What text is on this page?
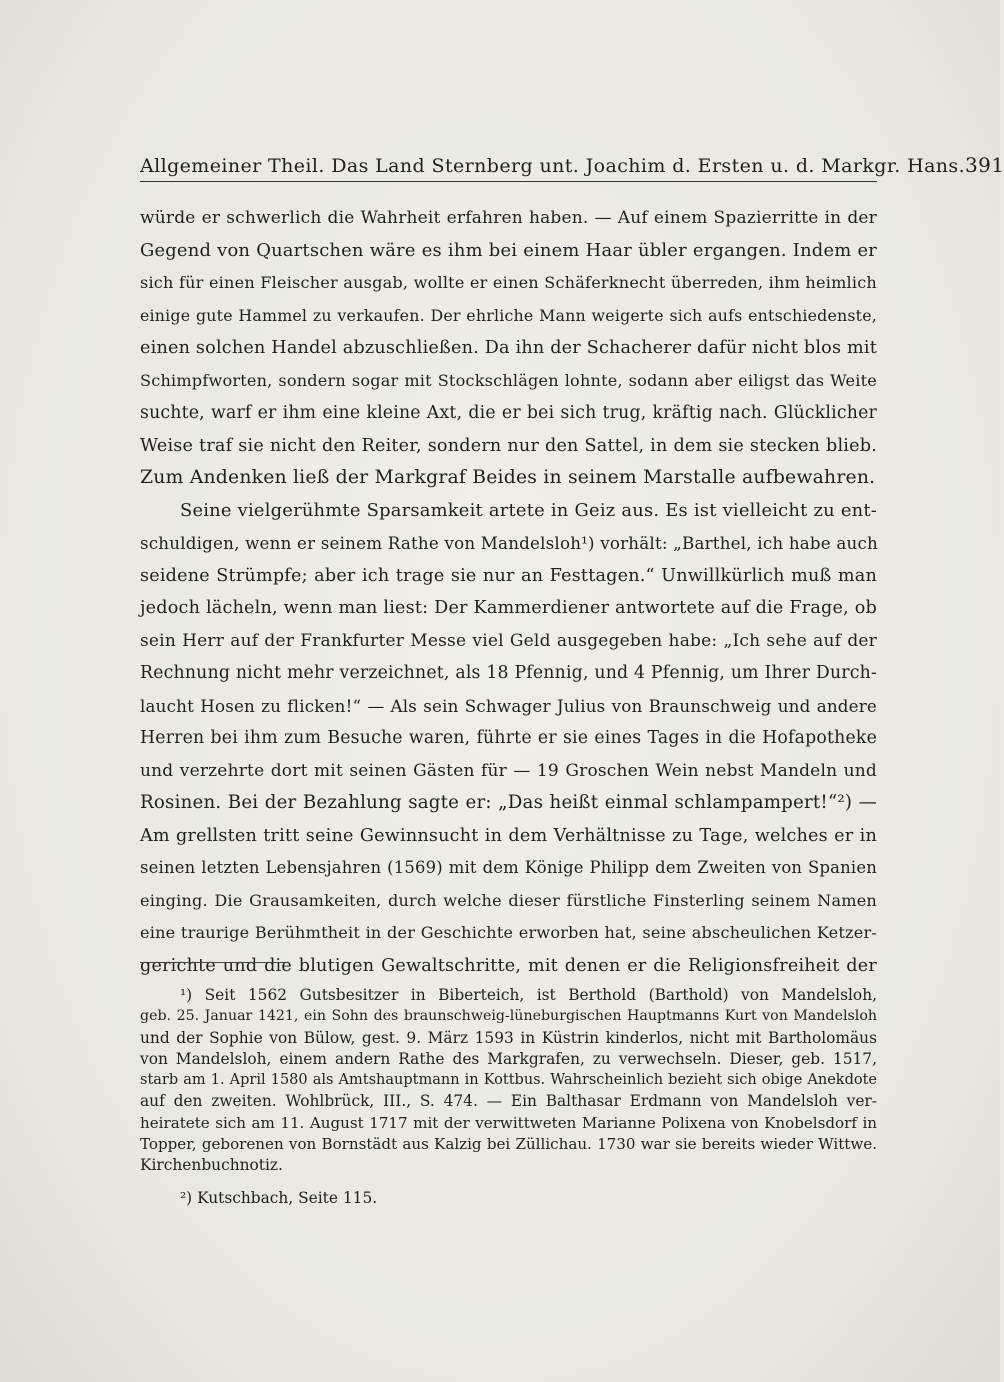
Allgemeiner Theil. Das Land Sternberg unt. Joachim d. Ersten u. d. Markgr. Hans. 391
würde er schwerlich die Wahrheit erfahren haben. — Auf einem Spazierritte in der
Gegend von Quartschen wäre es ihm bei einem Haar übler ergangen. Indem er
sich für einen Fleischer ausgab, wollte er einen Schäferknecht überreden, ihm heimlich
einige gute Hammel zu verkaufen. Der ehrliche Mann weigerte sich aufs entschiedenste,
einen solchen Handel abzuschließen. Da ihn der Schacherer dafür nicht blos mit
Schimpfworten, sondern sogar mit Stockschlägen lohnte, sodann aber eiligst das Weite
suchte, warf er ihm eine kleine Axt, die er bei sich trug, kräftig nach. Glücklicher
Weise traf sie nicht den Reiter, sondern nur den Sattel, in dem sie stecken blieb.
Zum Andenken ließ der Markgraf Beides in seinem Marstalle aufbewahren.
Seine vielgerühmte Sparsamkeit artete in Geiz aus. Es ist vielleicht zu ent-
schuldigen, wenn er seinem Rathe von Mandelsloh¹) vorhält: „Barthel, ich habe auch
seidene Strümpfe; aber ich trage sie nur an Festtagen.“ Unwillkürlich muß man
jedoch lächeln, wenn man liest: Der Kammerdiener antwortete auf die Frage, ob
sein Herr auf der Frankfurter Messe viel Geld ausgegeben habe: „Ich sehe auf der
Rechnung nicht mehr verzeichnet, als 18 Pfennig, und 4 Pfennig, um Ihrer Durch-
laucht Hosen zu flicken!“ — Als sein Schwager Julius von Braunschweig und andere
Herren bei ihm zum Besuche waren, führte er sie eines Tages in die Hofapotheke
und verzehrte dort mit seinen Gästen für — 19 Groschen Wein nebst Mandeln und
Rosinen. Bei der Bezahlung sagte er: „Das heißt einmal schlampampert!“²) —
Am grellsten tritt seine Gewinnsucht in dem Verhältnisse zu Tage, welches er in
seinen letzten Lebensjahren (1569) mit dem Könige Philipp dem Zweiten von Spanien
einging. Die Grausamkeiten, durch welche dieser fürstliche Finsterling seinem Namen
eine traurige Berühmtheit in der Geschichte erworben hat, seine abscheulichen Ketzer-
gerichte und die blutigen Gewaltschritte, mit denen er die Religionsfreiheit der
¹) Seit 1562 Gutsbesitzer in Biberteich, ist Berthold (Barthold) von Mandelsloh,
geb. 25. Januar 1421, ein Sohn des braunschweig-lüneburgischen Hauptmanns Kurt von Mandelsloh
und der Sophie von Bülow, gest. 9. März 1593 in Küstrin kinderlos, nicht mit Bartholomäus
von Mandelsloh, einem andern Rathe des Markgrafen, zu verwechseln. Dieser, geb. 1517,
starb am 1. April 1580 als Amtshauptmann in Kottbus. Wahrscheinlich bezieht sich obige Anekdote
auf den zweiten. Wohlbrück, III., S. 474. — Ein Balthasar Erdmann von Mandelsloh ver-
heiratete sich am 11. August 1717 mit der verwittweten Marianne Polixena von Knobelsdorf in
Topper, geborenen von Bornstädt aus Kalzig bei Züllichau. 1730 war sie bereits wieder Wittwe.
Kirchenbuchnotiz.
²) Kutschbach, Seite 115.
